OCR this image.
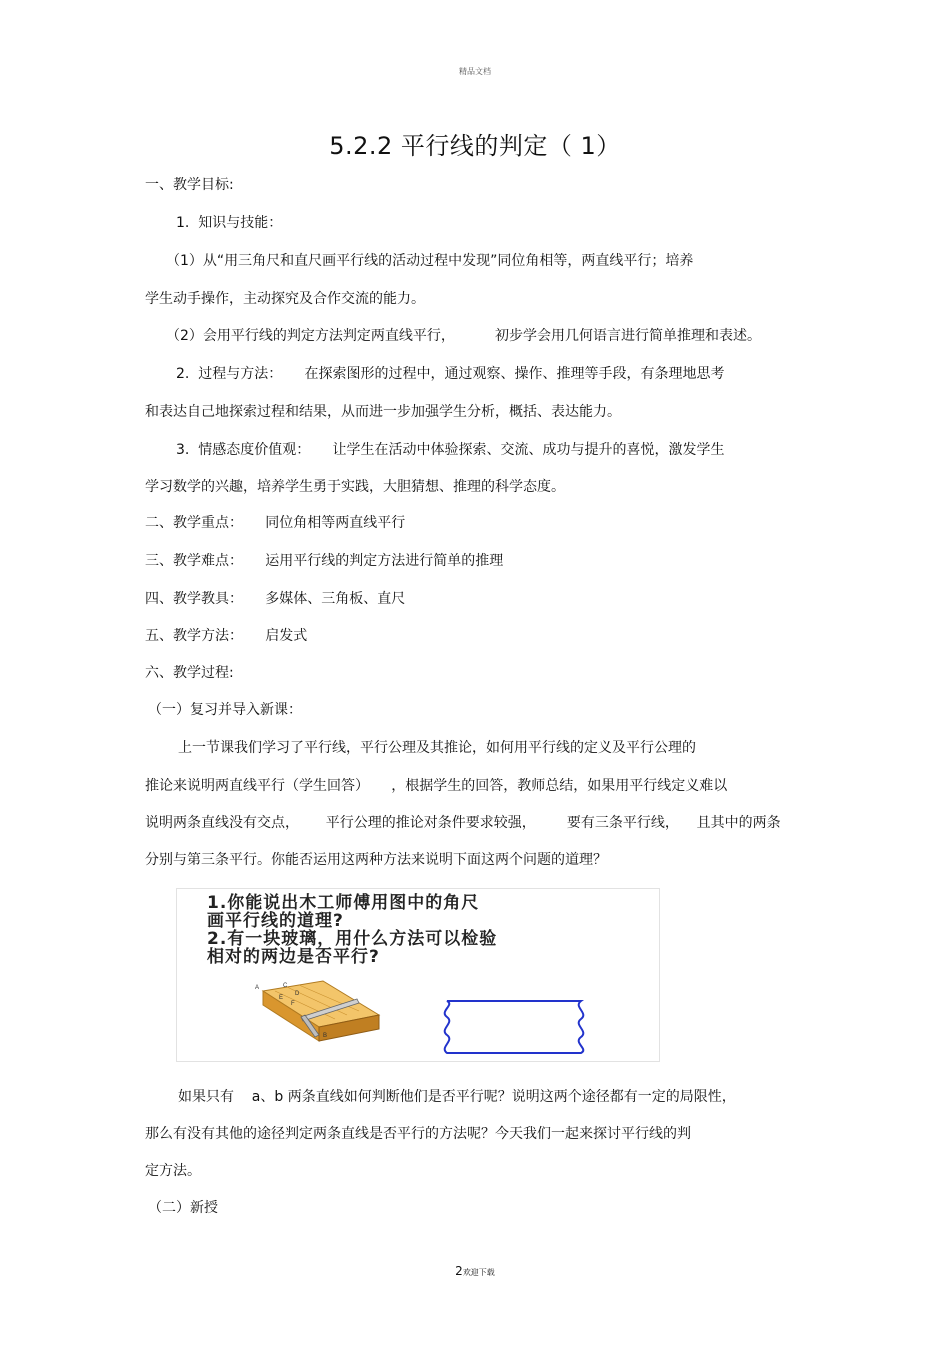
精品文档
5.2.2 平行线的判定（ 1）
一、教学目标:
1.  知识与技能：
（1）从“用三角尺和直尺画平行线的活动过程中发现”同位角相等，两直线平行；培养
学生动手操作，主动探究及合作交流的能力。
（2）会用平行线的判定方法判定两直线平行，         初步学会用几何语言进行简单推理和表述。
2.  过程与方法：     在探索图形的过程中，通过观察、操作、推理等手段，有条理地思考
和表达自己地探索过程和结果，从而进一步加强学生分析，概括、表达能力。
3.  情感态度价值观：     让学生在活动中体验探索、交流、成功与提升的喜悦，激发学生
学习数学的兴趣，培养学生勇于实践，大胆猜想、推理的科学态度。
二、教学重点：     同位角相等两直线平行
三、教学难点：     运用平行线的判定方法进行简单的推理
四、教学教具：     多媒体、三角板、直尺
五、教学方法：     启发式
六、教学过程:
（一）复习并导入新课：
上一节课我们学习了平行线，平行公理及其推论，如何用平行线的定义及平行公理的
推论来说明两直线平行（学生回答）     ，根据学生的回答，教师总结，如果用平行线定义难以
说明两条直线没有交点，      平行公理的推论对条件要求较强，       要有三条平行线，    且其中的两条
分别与第三条平行。你能否运用这两种方法来说明下面这两个问题的道理？
如果只有    a、b 两条直线如何判断他们是否平行呢？说明这两个途径都有一定的局限性，
那么有没有其他的途径判定两条直线是否平行的方法呢？今天我们一起来探讨平行线的判
定方法。
（二）新授
1.你能说出木工师傅用图中的角尺
画平行线的道理?
2.有一块玻璃，用什么方法可以检验
相对的两边是否平行?
A	C
D
E
F
B
2欢迎下载
